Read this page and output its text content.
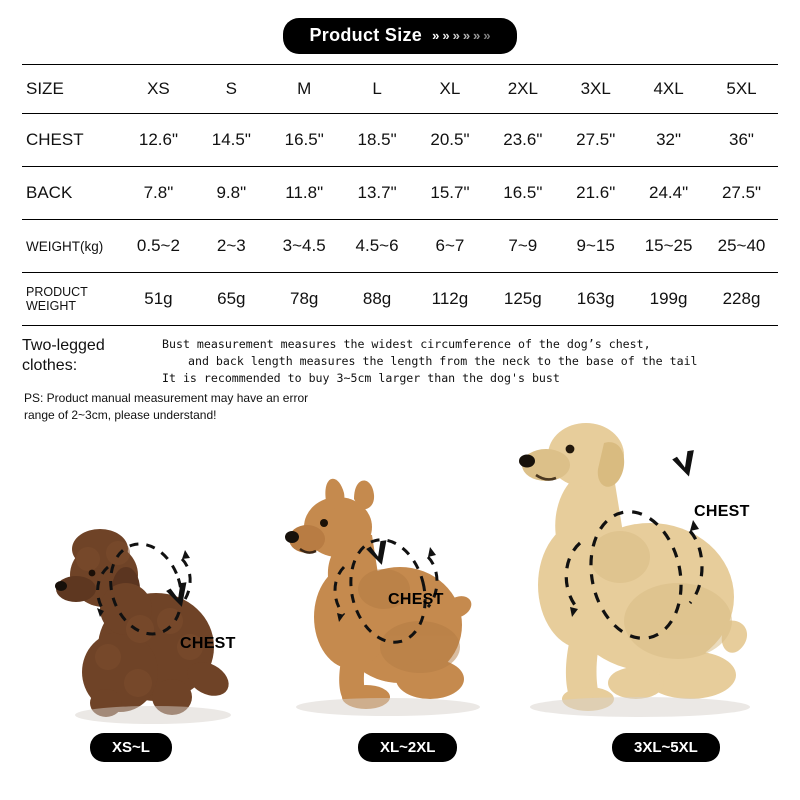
Product Size » » » » » »
SIZE	XS	S	M	L	XL	2XL	3XL	4XL	5XL
CHEST	12.6"	14.5"	16.5"	18.5"	20.5"	23.6"	27.5"	32"	36"
BACK	7.8"	9.8"	11.8"	13.7"	15.7"	16.5"	21.6"	24.4"	27.5"
WEIGHT(kg)	0.5~2	2~3	3~4.5	4.5~6	6~7	7~9	9~15	15~25	25~40

PRODUCT
WEIGHT	51g	65g	78g	88g	112g	125g	163g	199g	228g
Two-legged
clothes:
Bust measurement measures the widest circumference of the dog’s chest,
and back length measures the length from the neck to the base of the tail
It is recommended to buy 3~5cm larger than the dog's bust
PS: Product manual measurement may have an error
range of 2~3cm, please understand!
CHEST
CHEST
CHEST
XS~L	XL~2XL	3XL~5XL
